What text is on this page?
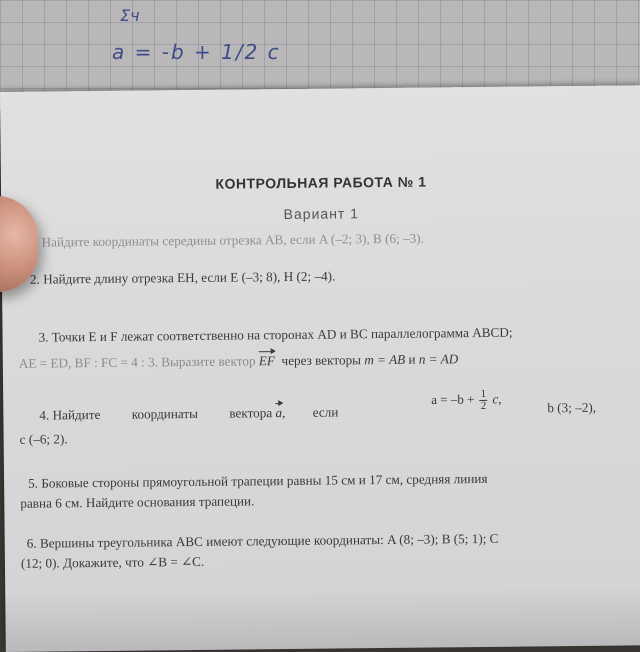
Σч
a = -b + 1/2 c
КОНТРОЛЬНАЯ РАБОТА № 1
Вариант 1
Найдите координаты середины отрезка AB, если A (–2; 3), B (6; –3).
2. Найдите длину отрезка EH, если E (–3; 8), H (2; –4).
3. Точки E и F лежат соответственно на сторонах AD и BC параллелограмма ABCD;
AE = ED, BF : FC = 4 : 3. Выразите вектор EF через векторы m = AB и n = AD
4. Найдите координаты вектора a, если
$a = -b + \frac{1}{2} c$,
b (3; –2),
c (–6; 2).
5. Боковые стороны прямоугольной трапеции равны 15 см и 17 см, средняя линия
равна 6 см. Найдите основания трапеции.
6. Вершины треугольника ABC имеют следующие координаты: A (8; –3); B (5; 1); C
(12; 0). Докажите, что ∠B = ∠C.
